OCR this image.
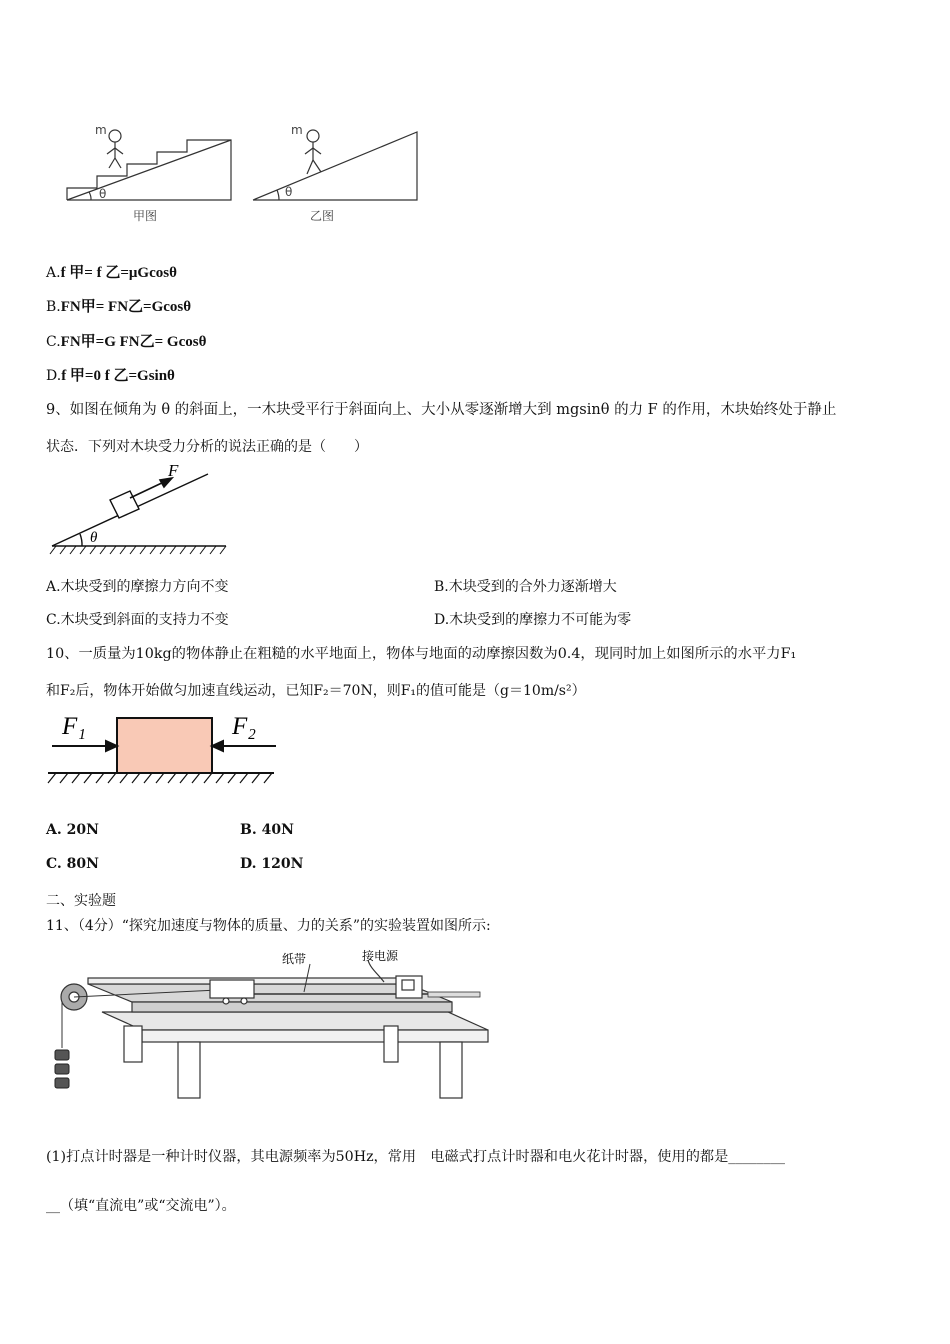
m
θ
甲图
m
θ
乙图
A.f 甲= f 乙=μGcosθ
B.FN甲= FN乙=Gcosθ
C.FN甲=G FN乙= Gcosθ
D.f 甲=0 f 乙=Gsinθ
9、如图在倾角为 θ 的斜面上，一木块受平行于斜面向上、大小从零逐渐增大到 mgsinθ 的力 F 的作用，木块始终处于静止
状态．下列对木块受力分析的说法正确的是（　　）
F
θ
A.木块受到的摩擦力方向不变	B.木块受到的合外力逐渐增大
C.木块受到斜面的支持力不变	D.木块受到的摩擦力不可能为零
10、一质量为10kg的物体静止在粗糙的水平地面上，物体与地面的动摩擦因数为0.4，现同时加上如图所示的水平力F₁
和F₂后，物体开始做匀加速直线运动，已知F₂＝70N，则F₁的值可能是（g＝10m/s²）
F₁	F₂
A. 20N	B. 40N
C. 80N	D. 120N
二、实验题
11、（4分）“探究加速度与物体的质量、力的关系”的实验装置如图所示:
纸带	接电源
(1)打点计时器是一种计时仪器，其电源频率为50Hz，常用　电磁式打点计时器和电火花计时器，使用的都是________
__（填“直流电”或“交流电”）。
